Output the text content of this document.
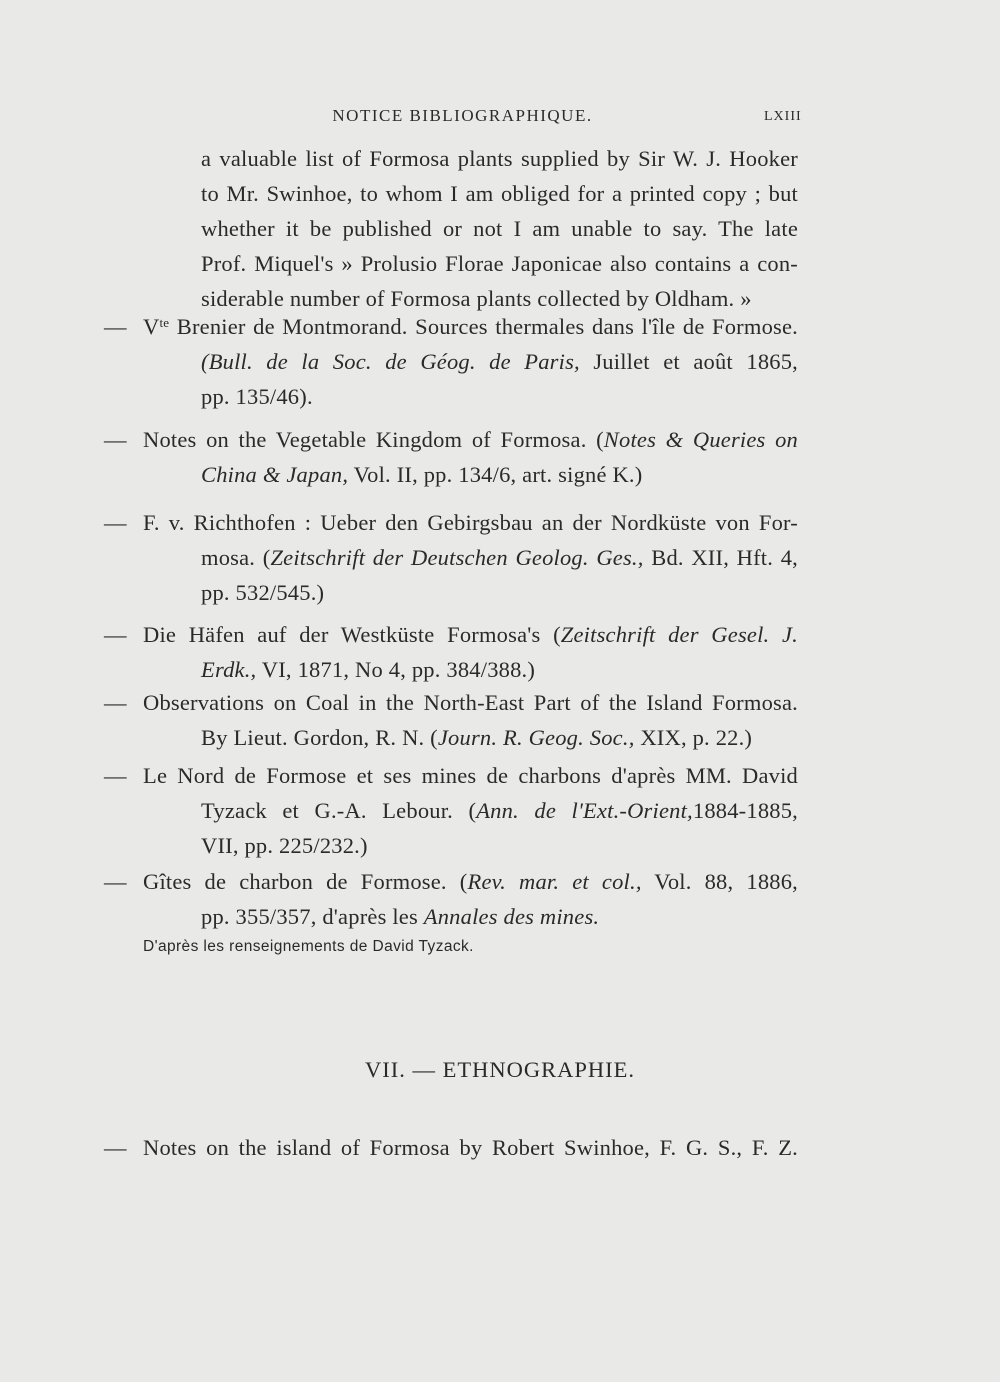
NOTICE BIBLIOGRAPHIQUE.	LXIII
a valuable list of Formosa plants supplied by Sir W. J. Hooker
to Mr. Swinhoe, to whom I am obliged for a printed copy ; but
whether it be published or not I am unable to say. The late
Prof. Miquel's » Prolusio Florae Japonicae also contains a con-
siderable number of Formosa plants collected by Oldham. »
— $V^{te}$ Brenier de Montmorand. Sources thermales dans l'île de Formose.
(Bull. de la Soc. de Géog. de Paris, Juillet et août 1865,
pp. 135/46).
— Notes on the Vegetable Kingdom of Formosa. (Notes & Queries on
China & Japan, Vol. II, pp. 134/6, art. signé K.)
— F. v. Richthofen : Ueber den Gebirgsbau an der Nordküste von For-
mosa. (Zeitschrift der Deutschen Geolog. Ges., Bd. XII, Hft. 4,
pp. 532/545.)
— Die Häfen auf der Westküste Formosa's (Zeitschrift der Gesel. J.
Erdk., VI, 1871, No 4, pp. 384/388.)
— Observations on Coal in the North-East Part of the Island Formosa.
By Lieut. Gordon, R. N. (Journ. R. Geog. Soc., XIX, p. 22.)
— Le Nord de Formose et ses mines de charbons d'après MM. David
Tyzack et G.-A. Lebour. (Ann. de l'Ext.-Orient,1884-1885,
VII, pp. 225/232.)
— Gîtes de charbon de Formose. (Rev. mar. et col., Vol. 88, 1886,
pp. 355/357, d'après les Annales des mines.
D'après les renseignements de David Tyzack.
VII. — ETHNOGRAPHIE.
— Notes on the island of Formosa by Robert Swinhoe, F. G. S., F. Z.
